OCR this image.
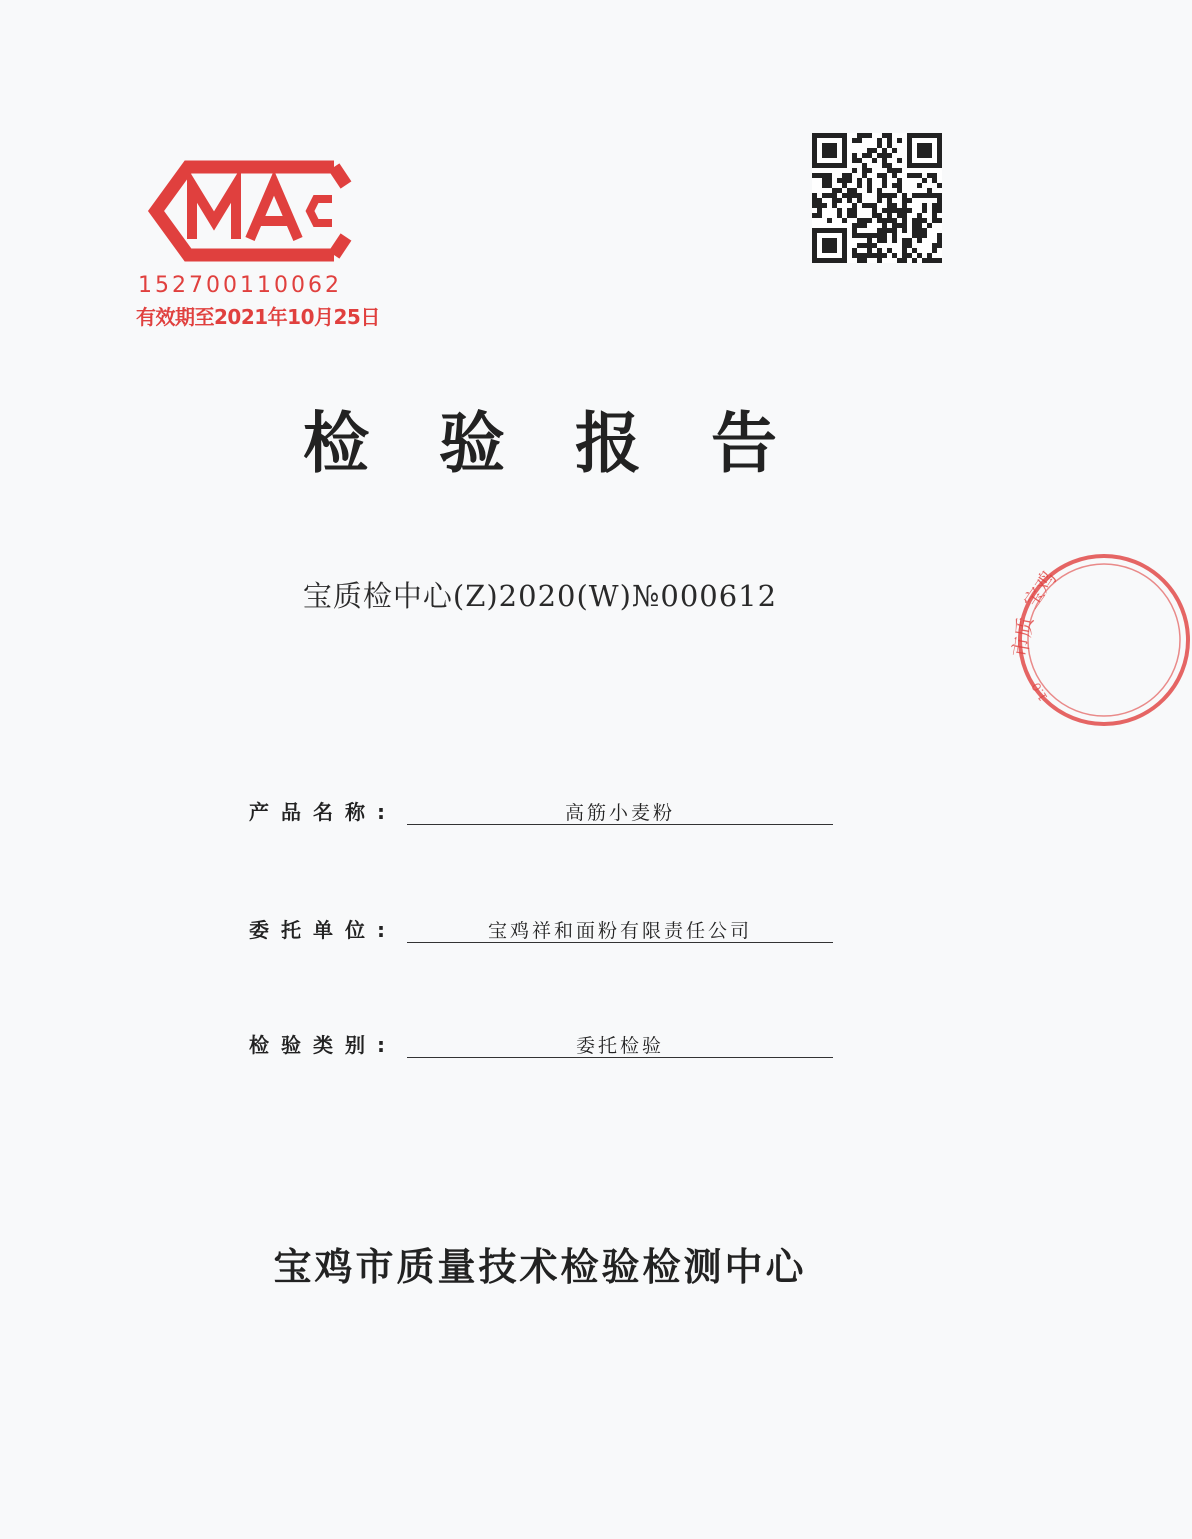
152700110062
有效期至2021年10月25日
检验报告
宝质检中心(Z)2020(W)№000612
产品名称:	高筋小麦粉
委托单位:	宝鸡祥和面粉有限责任公司
检验类别:	委托检验
宝鸡市质量技术检验检测中心
宝鸡
市质
1.0
